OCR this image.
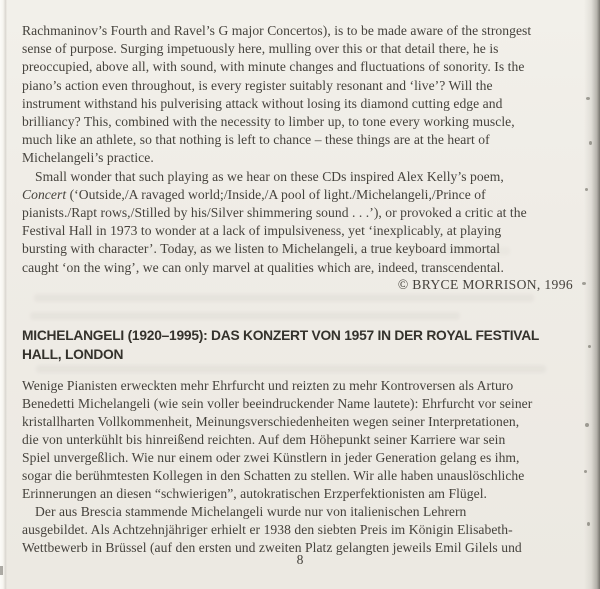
Rachmaninov’s Fourth and Ravel’s G major Concertos), is to be made aware of the strongest
sense of purpose. Surging impetuously here, mulling over this or that detail there, he is
preoccupied, above all, with sound, with minute changes and fluctuations of sonority. Is the
piano’s action even throughout, is every register suitably resonant and ‘live’? Will the
instrument withstand his pulverising attack without losing its diamond cutting edge and
brilliancy? This, combined with the necessity to limber up, to tone every working muscle,
much like an athlete, so that nothing is left to chance – these things are at the heart of
Michelangeli’s practice.
Small wonder that such playing as we hear on these CDs inspired Alex Kelly’s poem,
Concert (‘Outside,/A ravaged world;/Inside,/A pool of light./Michelangeli,/Prince of
pianists./Rapt rows,/Stilled by his/Silver shimmering sound . . .’), or provoked a critic at the
Festival Hall in 1973 to wonder at a lack of impulsiveness, yet ‘inexplicably, at playing
bursting with character’. Today, as we listen to Michelangeli, a true keyboard immortal
caught ‘on the wing’, we can only marvel at qualities which are, indeed, transcendental.
© BRYCE MORRISON, 1996
MICHELANGELI (1920–1995): DAS KONZERT VON 1957 IN DER ROYAL FESTIVAL
HALL, LONDON
Wenige Pianisten erweckten mehr Ehrfurcht und reizten zu mehr Kontroversen als Arturo
Benedetti Michelangeli (wie sein voller beeindruckender Name lautete): Ehrfurcht vor seiner
kristallharten Vollkommenheit, Meinungsverschiedenheiten wegen seiner Interpretationen,
die von unterkühlt bis hinreißend reichten. Auf dem Höhepunkt seiner Karriere war sein
Spiel unvergeßlich. Wie nur einem oder zwei Künstlern in jeder Generation gelang es ihm,
sogar die berühmtesten Kollegen in den Schatten zu stellen. Wir alle haben unauslöschliche
Erinnerungen an diesen “schwierigen”, autokratischen Erzperfektionisten am Flügel.
Der aus Brescia stammende Michelangeli wurde nur von italienischen Lehrern
ausgebildet. Als Achtzehnjähriger erhielt er 1938 den siebten Preis im Königin Elisabeth-
Wettbewerb in Brüssel (auf den ersten und zweiten Platz gelangten jeweils Emil Gilels und
8
